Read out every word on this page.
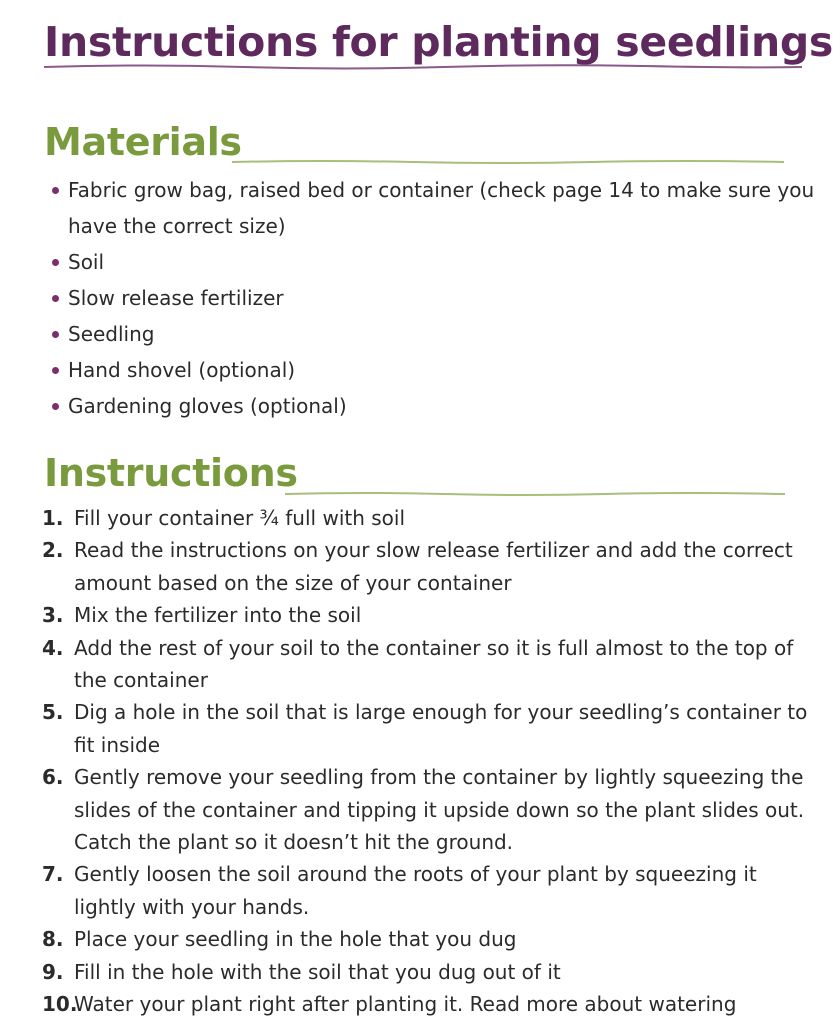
Instructions for planting seedlings
Materials
Fabric grow bag, raised bed or container (check page 14 to make sure you have the correct size)
Soil
Slow release fertilizer
Seedling
Hand shovel (optional)
Gardening gloves (optional)
Instructions
1. Fill your container ¾ full with soil
2. Read the instructions on your slow release fertilizer and add the correct amount based on the size of your container
3. Mix the fertilizer into the soil
4. Add the rest of your soil to the container so it is full almost to the top of the container
5. Dig a hole in the soil that is large enough for your seedling’s container to fit inside
6. Gently remove your seedling from the container by lightly squeezing the slides of the container and tipping it upside down so the plant slides out. Catch the plant so it doesn’t hit the ground.
7. Gently loosen the soil around the roots of your plant by squeezing it lightly with your hands.
8. Place your seedling in the hole that you dug
9. Fill in the hole with the soil that you dug out of it
10.
Water your plant right after planting it. Read more about watering
